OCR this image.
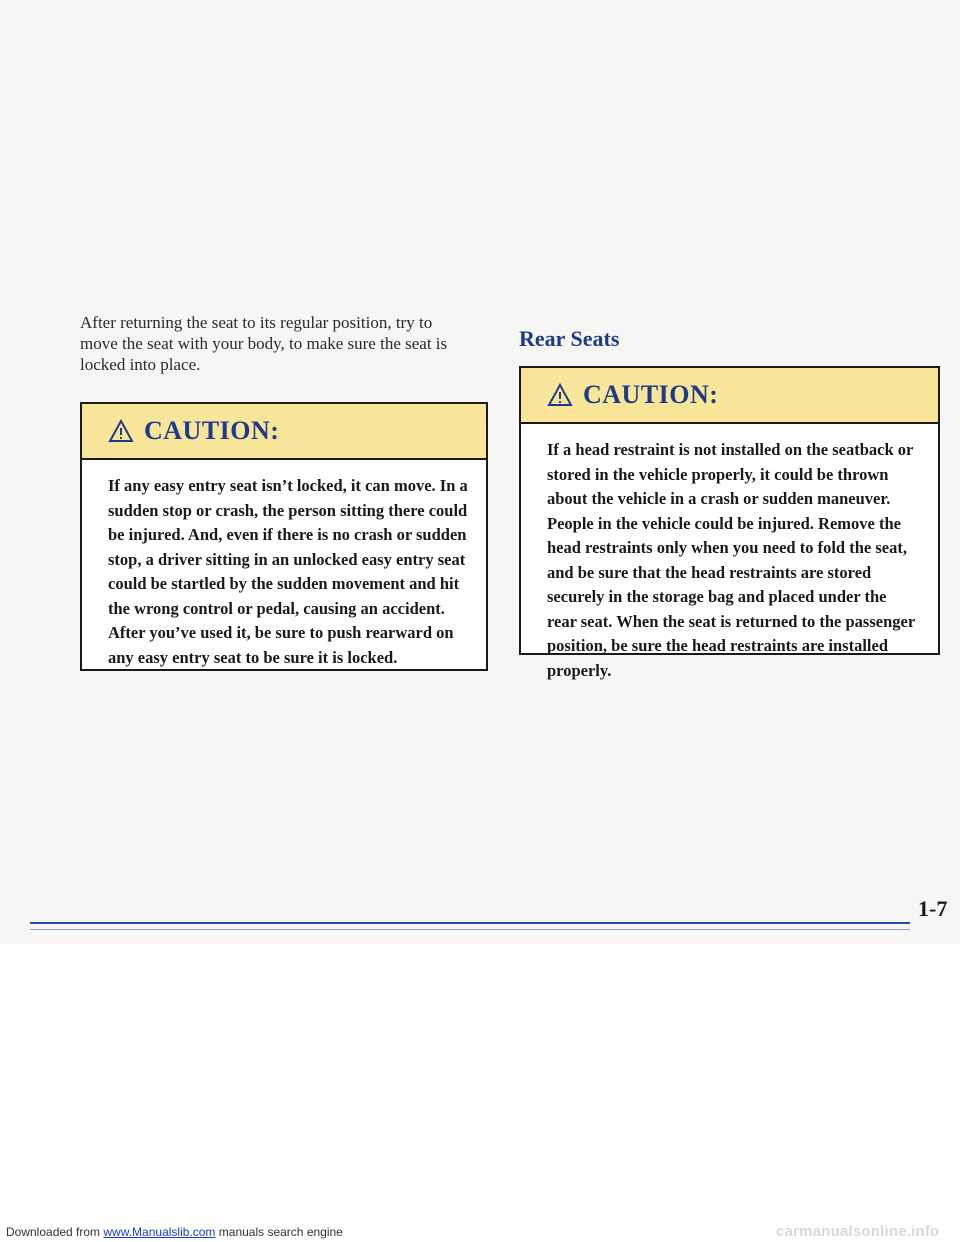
After returning the seat to its regular position, try to move the seat with your body, to make sure the seat is locked into place.

Rear Seats
CAUTION:
If any easy entry seat isn’t locked, it can move. In a sudden stop or crash, the person sitting there could be injured. And, even if there is no crash or sudden stop, a driver sitting in an unlocked easy entry seat could be startled by the sudden movement and hit the wrong control or pedal, causing an accident. After you’ve used it, be sure to push rearward on any easy entry seat to be sure it is locked.
CAUTION:
If a head restraint is not installed on the seatback or stored in the vehicle properly, it could be thrown about the vehicle in a crash or sudden maneuver. People in the vehicle could be injured. Remove the head restraints only when you need to fold the seat, and be sure that the head restraints are stored securely in the storage bag and placed under the rear seat. When the seat is returned to the passenger position, be sure the head restraints are installed properly.
1-7
Downloaded from www.Manualslib.com manuals search engine	carmanualsonline.info
